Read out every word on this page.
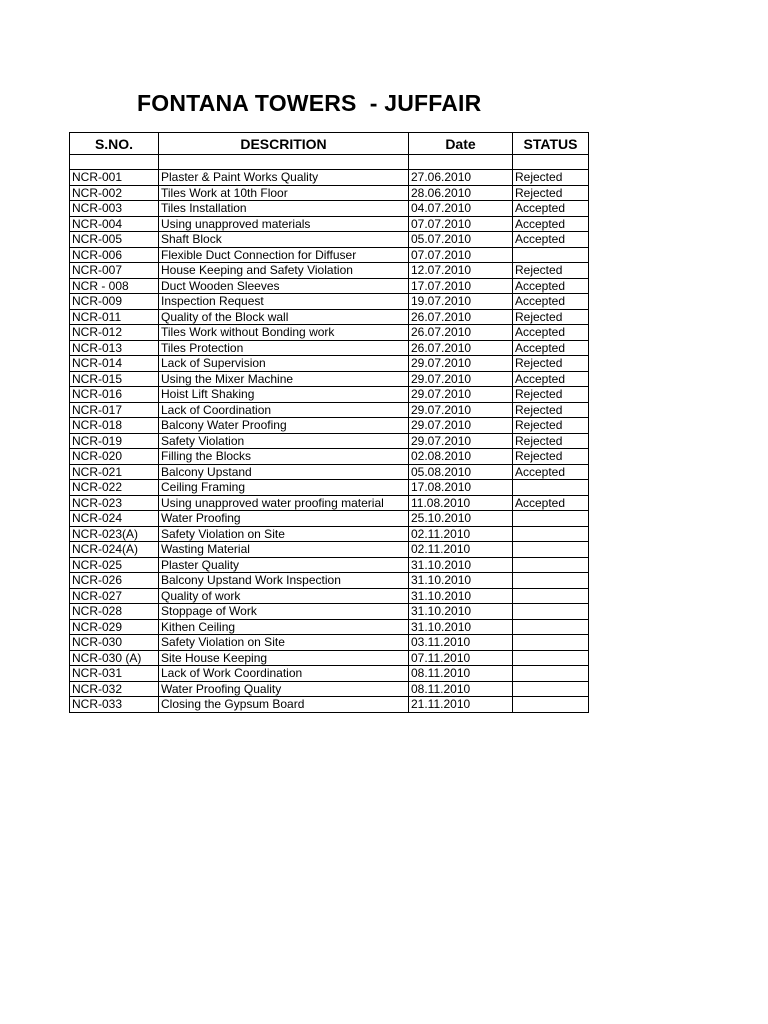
FONTANA TOWERS  - JUFFAIR
S.NO.	DESCRITION	Date	STATUS

NCR-001	Plaster & Paint Works Quality	27.06.2010	Rejected
NCR-002	Tiles Work at 10th Floor	28.06.2010	Rejected
NCR-003	Tiles Installation	04.07.2010	Accepted
NCR-004	Using unapproved materials	07.07.2010	Accepted
NCR-005	Shaft Block	05.07.2010	Accepted
NCR-006	Flexible Duct Connection for Diffuser	07.07.2010	
NCR-007	House Keeping and Safety Violation	12.07.2010	Rejected
NCR - 008	Duct Wooden Sleeves	17.07.2010	Accepted
NCR-009	Inspection Request	19.07.2010	Accepted
NCR-011	Quality of the Block wall	26.07.2010	Rejected
NCR-012	Tiles Work without Bonding work	26.07.2010	Accepted
NCR-013	Tiles Protection	26.07.2010	Accepted
NCR-014	Lack of Supervision	29.07.2010	Rejected
NCR-015	Using the Mixer Machine	29.07.2010	Accepted
NCR-016	Hoist Lift Shaking	29.07.2010	Rejected
NCR-017	Lack of Coordination	29.07.2010	Rejected
NCR-018	Balcony Water Proofing	29.07.2010	Rejected
NCR-019	Safety Violation	29.07.2010	Rejected
NCR-020	Filling the Blocks	02.08.2010	Rejected
NCR-021	Balcony Upstand	05.08.2010	Accepted
NCR-022	Ceiling Framing	17.08.2010	
NCR-023	Using unapproved water proofing material	11.08.2010	Accepted
NCR-024	Water Proofing	25.10.2010	
NCR-023(A)	Safety Violation on Site	02.11.2010	
NCR-024(A)	Wasting Material	02.11.2010	
NCR-025	Plaster Quality	31.10.2010	
NCR-026	Balcony Upstand Work Inspection	31.10.2010	
NCR-027	Quality of work	31.10.2010	
NCR-028	Stoppage of Work	31.10.2010	
NCR-029	Kithen Ceiling	31.10.2010	
NCR-030	Safety Violation on Site	03.11.2010	
NCR-030 (A)	Site House Keeping	07.11.2010	
NCR-031	Lack of Work Coordination	08.11.2010	
NCR-032	Water Proofing Quality	08.11.2010	
NCR-033	Closing the Gypsum Board	21.11.2010	
